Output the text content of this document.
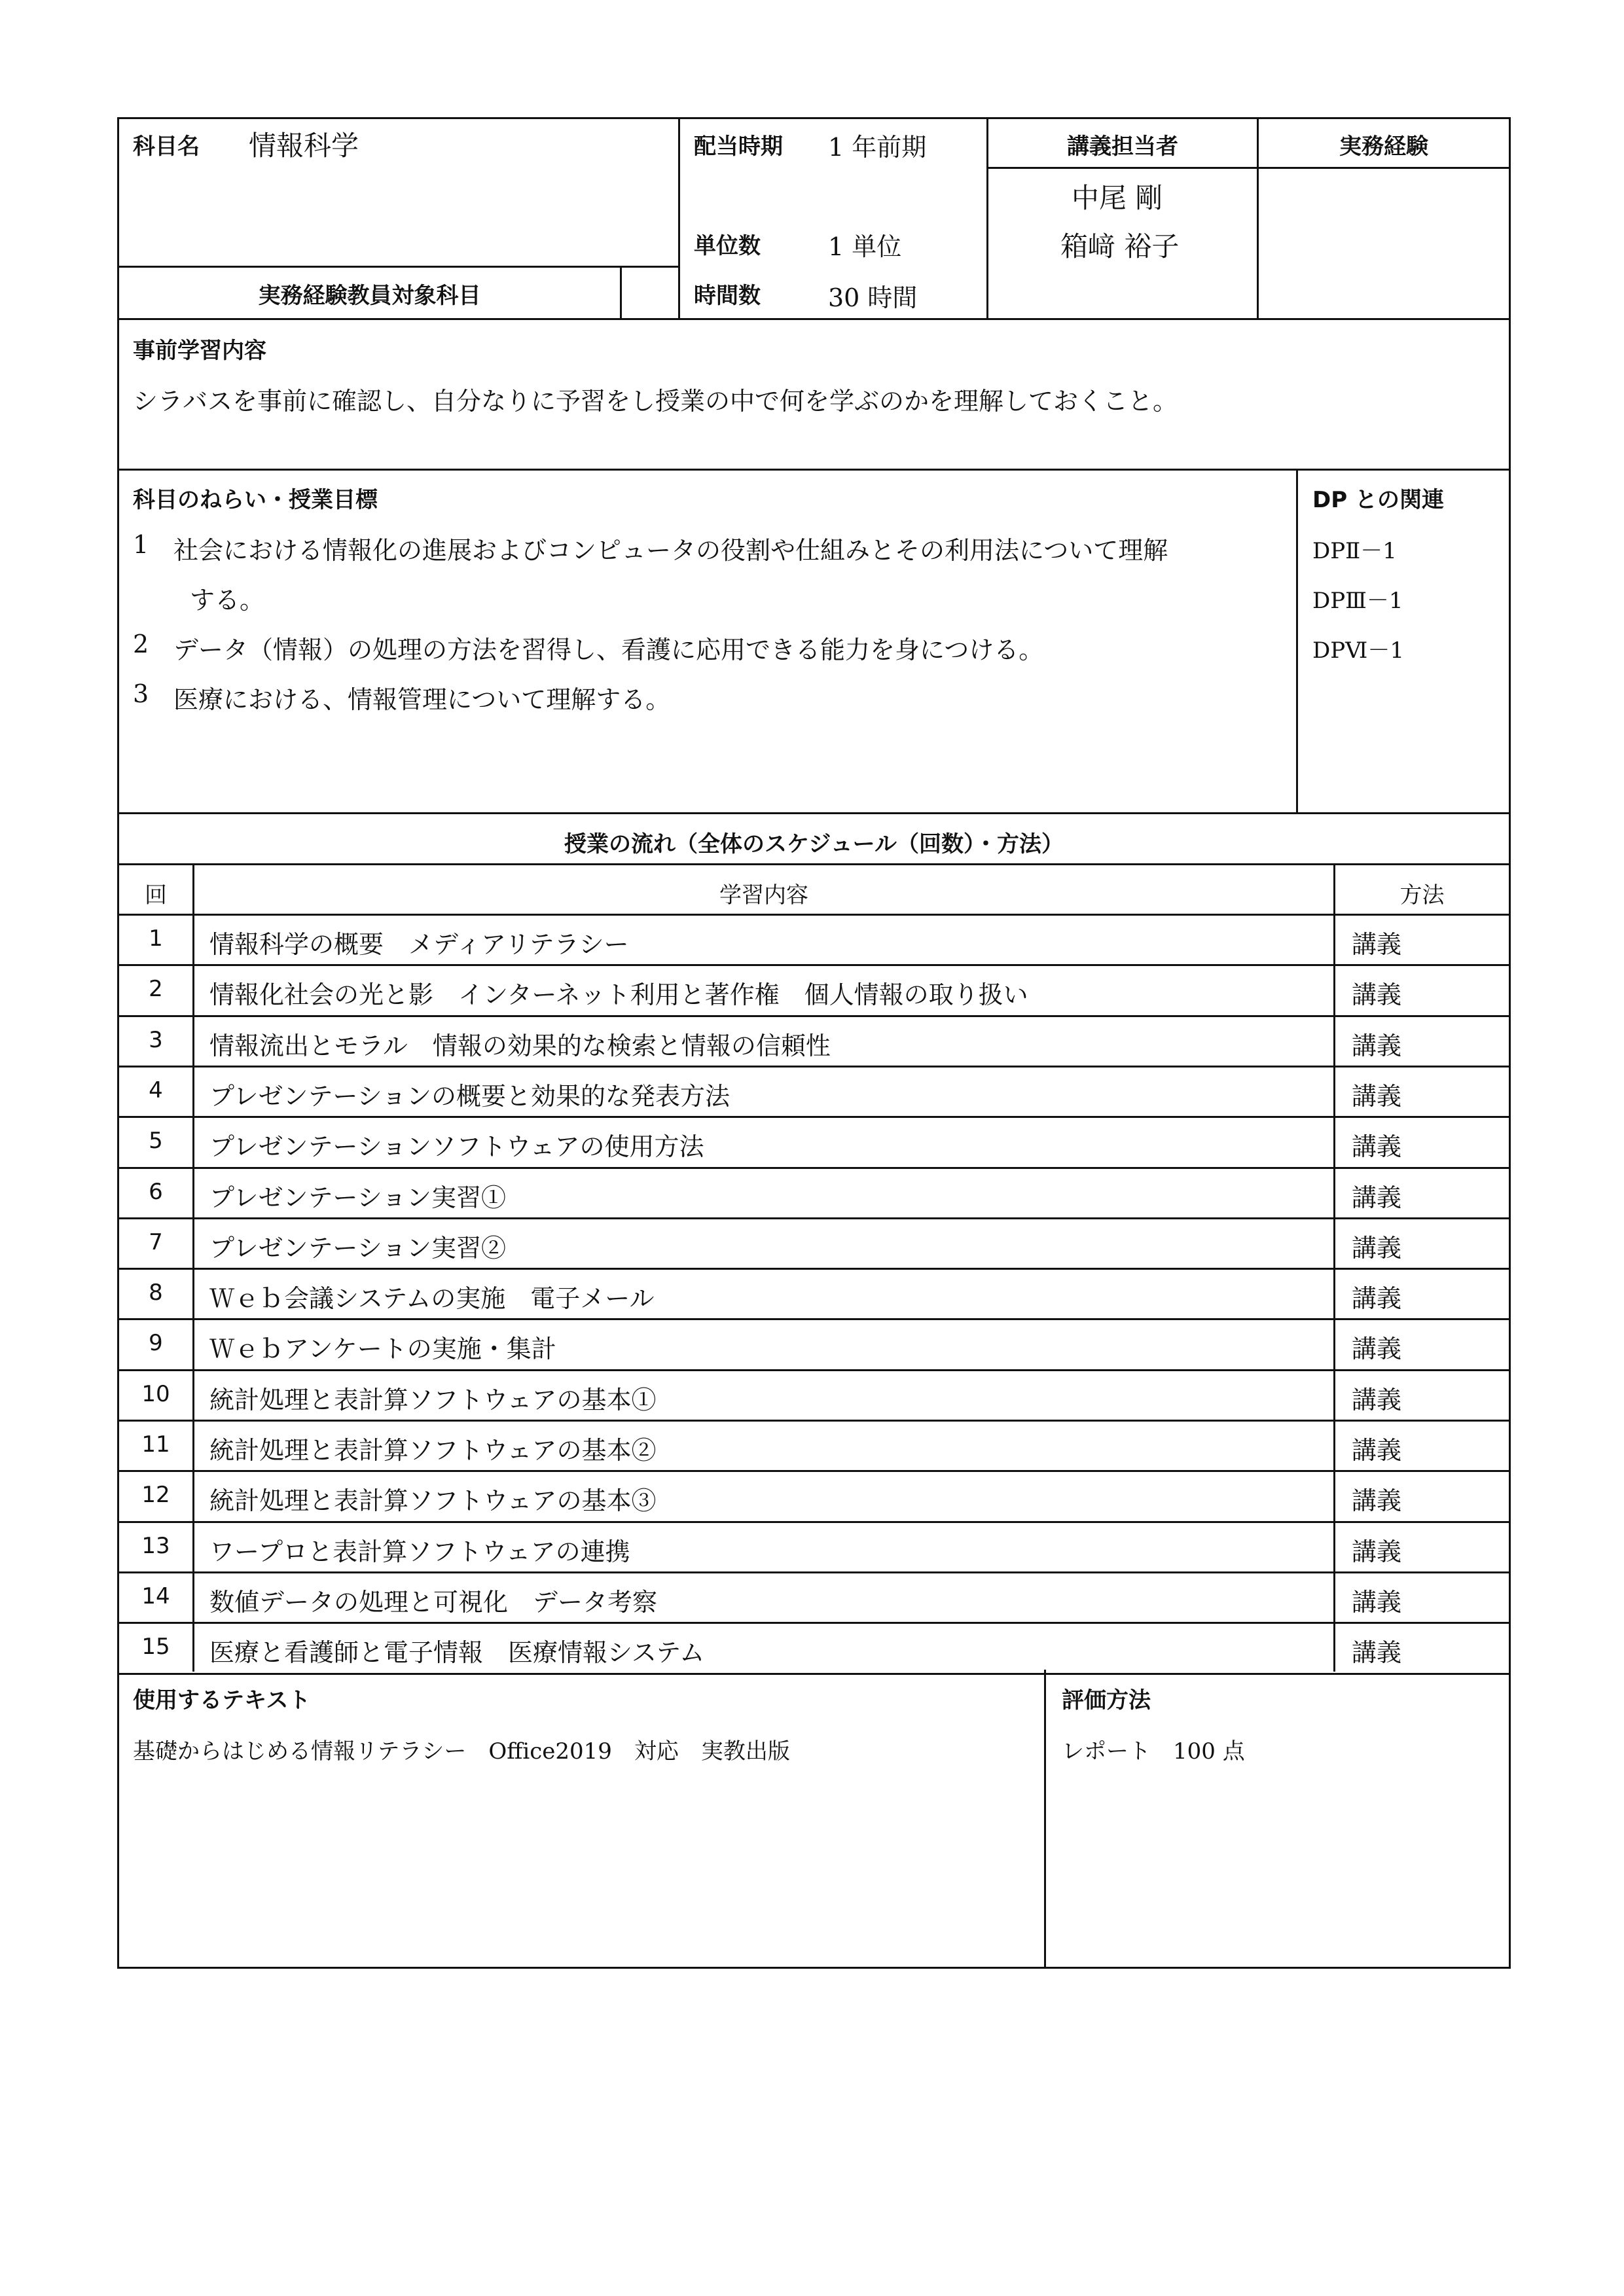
科目名 情報科学	配当時期 1 年前期	講義担当者	実務経験
中尾 剛
箱﨑 裕子
単位数	1 単位
時間数	30 時間
実務経験教員対象科目
事前学習内容
シラバスを事前に確認し、自分なりに予習をし授業の中で何を学ぶのかを理解しておくこと。
科目のねらい・授業目標	DP との関連
1 社会における情報化の進展およびコンピュータの役割や仕組みとその利用法について理解
する。
2 データ（情報）の処理の方法を習得し、看護に応用できる能力を身につける。
3 医療における、情報管理について理解する。
DPⅡ－1
DPⅢ－1
DPⅥ－1
授業の流れ（全体のスケジュール（回数）・方法）
回	学習内容	方法
1	情報科学の概要　メディアリテラシー	講義
2	情報化社会の光と影　インターネット利用と著作権　個人情報の取り扱い	講義
3	情報流出とモラル　情報の効果的な検索と情報の信頼性	講義
4	プレゼンテーションの概要と効果的な発表方法	講義
5	プレゼンテーションソフトウェアの使用方法	講義
6	プレゼンテーション実習①	講義
7	プレゼンテーション実習②	講義
8	Ｗｅｂ会議システムの実施　電子メール	講義
9	Ｗｅｂアンケートの実施・集計	講義
10	統計処理と表計算ソフトウェアの基本①	講義
11	統計処理と表計算ソフトウェアの基本②	講義
12	統計処理と表計算ソフトウェアの基本③	講義
13	ワープロと表計算ソフトウェアの連携	講義
14	数値データの処理と可視化　データ考察	講義
15	医療と看護師と電子情報　医療情報システム	講義
使用するテキスト
基礎からはじめる情報リテラシー　Office2019　対応　実教出版
評価方法
レポート　100 点
